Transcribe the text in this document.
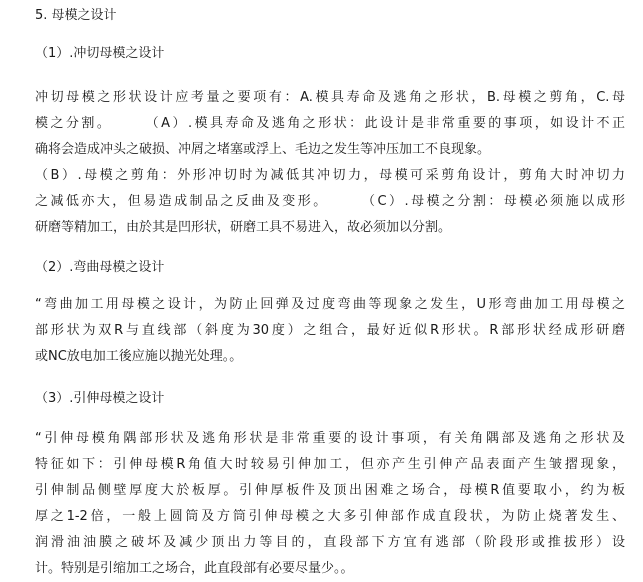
5. 母模之设计
（1）.冲切母模之设计
冲切母模之形状设计应考量之要项有：A.模具寿命及逃角之形状，B.母模之剪角，C.母
模之分割。　　　（A）.模具寿命及逃角之形状：此设计是非常重要的事项，如设计不正
确将会造成冲头之破损、冲屑之堵塞或浮上、毛边之发生等冲压加工不良现象。
（B）.母模之剪角：外形冲切时为减低其冲切力，母模可采剪角设计，剪角大时冲切力
之减低亦大，但易造成制品之反曲及变形。　　　（C）.母模之分割：母模必须施以成形
研磨等精加工，由於其是凹形状，研磨工具不易进入，故必须加以分割。
（2）.弯曲母模之设计
“弯曲加工用母模之设计，为防止回弹及过度弯曲等现象之发生，U形弯曲加工用母模之
部形状为双R与直线部（斜度为30度）之组合，最好近似R形状。R部形状经成形研磨
或NC放电加工後应施以抛光处理。。
（3）.引伸母模之设计
“引伸母模角隅部形状及逃角形状是非常重要的设计事项，有关角隅部及逃角之形状及
特征如下：引伸母模R角值大时较易引伸加工，但亦产生引伸产品表面产生皱摺现象，
引伸制品侧壁厚度大於板厚。引伸厚板件及顶出困难之场合，母模R值要取小，约为板
厚之1-2倍，一般上圆筒及方筒引伸母模之大多引伸部作成直段状，为防止烧著发生、
润滑油油膜之破坏及减少顶出力等目的，直段部下方宜有逃部（阶段形或推拔形）设
计。特别是引缩加工之场合，此直段部有必要尽量少。。
